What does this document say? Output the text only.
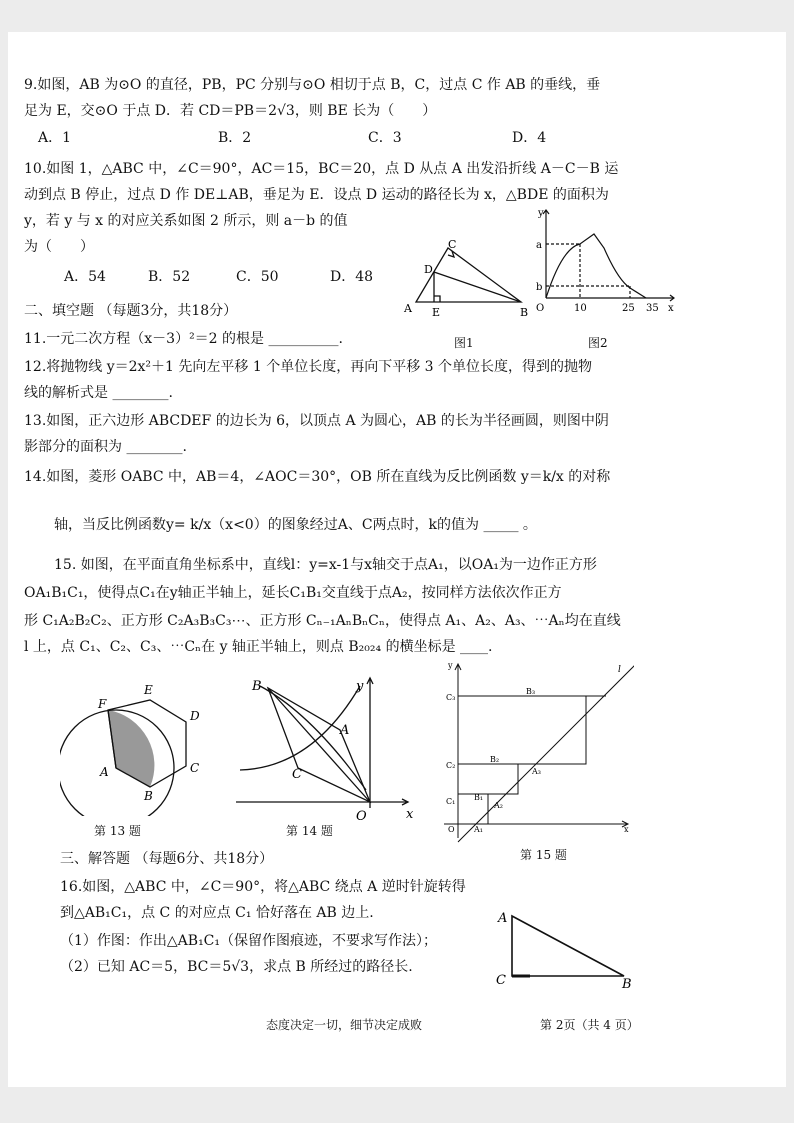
9.如图，AB 为⊙O 的直径，PB，PC 分别与⊙O 相切于点 B，C，过点 C 作 AB 的垂线，垂
足为 E，交⊙O 于点 D．若 CD＝PB＝2√3，则 BE 长为（　　）
A．1	B．2	C．3	D．4
10.如图 1，△ABC 中，∠C＝90°，AC＝15，BC＝20，点 D 从点 A 出发沿折线 A－C－B 运
动到点 B 停止，过点 D 作 DE⊥AB，垂足为 E．设点 D 运动的路径长为 x，△BDE 的面积为
y，若 y 与 x 的对应关系如图 2 所示，则 a－b 的值
为（　　）
A．54	B．52	C．50	D．48
A	B
C
D
E
图1
y
a
b
O	10	25 35 x
图2
二、填空题 （每题3分，共18分）
11.一元二次方程（x－3）²＝2 的根是 __________.
12.将抛物线 y＝2x²＋1 先向左平移 1 个单位长度，再向下平移 3 个单位长度，得到的抛物
线的解析式是 ________.
13.如图，正六边形 ABCDEF 的边长为 6，以顶点 A 为圆心，AB 的长为半径画圆，则图中阴
影部分的面积为 ________.
14.如图，菱形 OABC 中，AB＝4，∠AOC＝30°，OB 所在直线为反比例函数 y＝k/x 的对称
轴，当反比例函数y= k/x（x<0）的图象经过A、C两点时，k的值为 _____ 。
15. 如图，在平面直角坐标系中，直线l：y=x-1与x轴交于点A₁，以OA₁为一边作正方形
OA₁B₁C₁，使得点C₁在y轴正半轴上，延长C₁B₁交直线于点A₂，按同样方法依次作正方
形 C₁A₂B₂C₂、正方形 C₂A₃B₃C₃⋯、正方形 Cₙ₋₁AₙBₙCₙ，使得点 A₁、A₂、A₃、⋯Aₙ均在直线
l 上，点 C₁、C₂、C₃、⋯Cₙ在 y 轴正半轴上，则点 B₂₀₂₄ 的横坐标是 ____.
A
B
C
D
E
F
第 13 题
B
A
C
O	x
y
第 14 题
y
C₃
B₃
C₂
B₂
A₃
C₁ B₁
A₂
O A₁	x
l
第 15 题
三、解答题 （每题6分、共18分）
16.如图，△ABC 中，∠C＝90°，将△ABC 绕点 A 逆时针旋转得
到△AB₁C₁，点 C 的对应点 C₁ 恰好落在 AB 边上.
（1）作图：作出△AB₁C₁（保留作图痕迹，不要求写作法）；
（2）已知 AC＝5，BC＝5√3，求点 B 所经过的路径长.
A
C	B
态度决定一切，细节决定成败	第 2页（共 4 页）
